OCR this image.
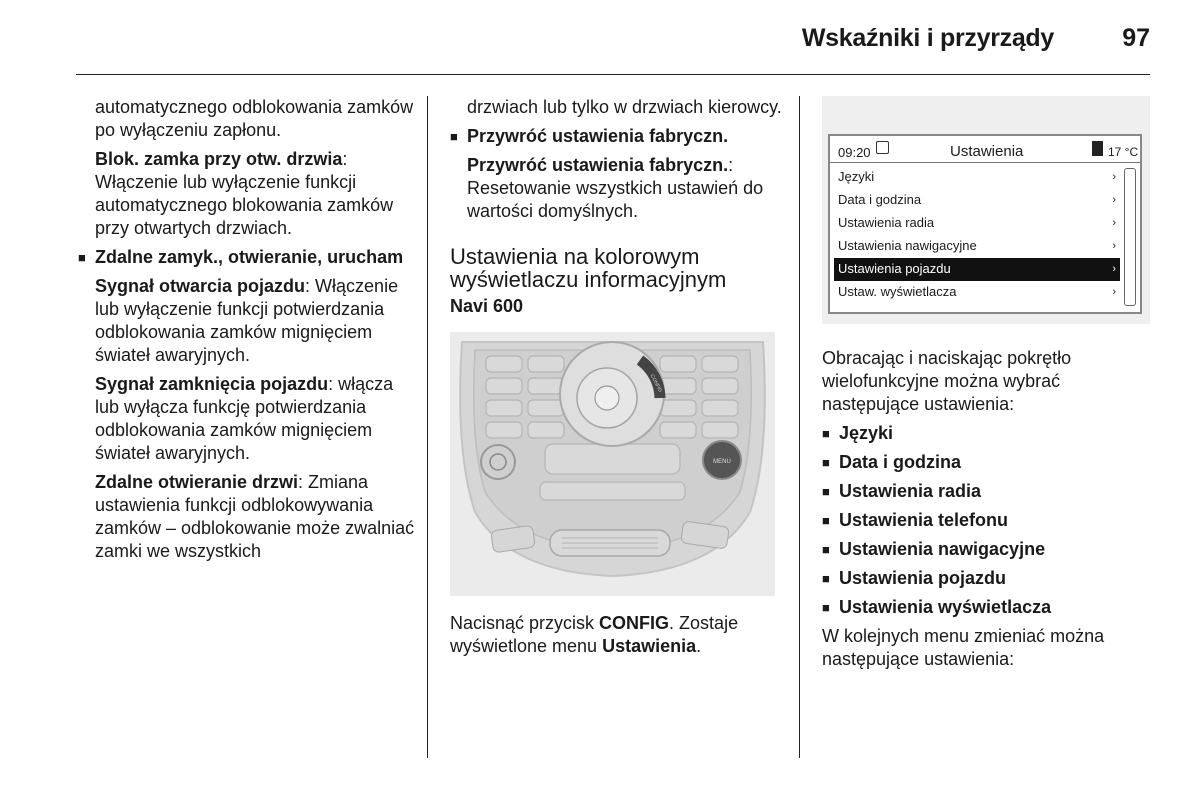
Wskaźniki i przyrządy	97

automatycznego odblokowania zamków po wyłączeniu zapłonu.

Blok. zamka przy otw. drzwia: Włączenie lub wyłączenie funkcji automatycznego blokowania zamków przy otwartych drzwiach.

■ Zdalne zamyk., otwieranie, urucham

Sygnał otwarcia pojazdu: Włączenie lub wyłączenie funkcji potwierdzania odblokowania zamków mignięciem świateł awaryjnych.

Sygnał zamknięcia pojazdu: włącza lub wyłącza funkcję potwierdzania odblokowania zamków mignięciem świateł awaryjnych.

Zdalne otwieranie drzwi: Zmiana ustawienia funkcji odblokowywania zamków – odblokowanie może zwalniać zamki we wszystkich

drzwiach lub tylko w drzwiach kierowcy.

■ Przywróć ustawienia fabryczn.

Przywróć ustawienia fabryczn.: Resetowanie wszystkich ustawień do wartości domyślnych.

Ustawienia na kolorowym wyświetlaczu informacyjnym
Navi 600
MENU
CONFIG

Nacisnąć przycisk CONFIG. Zostaje wyświetlone menu Ustawienia.

09:20	Ustawienia	17 °C
Języki	›
Data i godzina	›
Ustawienia radia	›
Ustawienia nawigacyjne	›
Ustawienia pojazdu	›
Ustaw. wyświetlacza	›

Obracając i naciskając pokrętło wielofunkcyjne można wybrać następujące ustawienia:

■ Języki
■ Data i godzina
■ Ustawienia radia
■ Ustawienia telefonu
■ Ustawienia nawigacyjne
■ Ustawienia pojazdu
■ Ustawienia wyświetlacza

W kolejnych menu zmieniać można następujące ustawienia:
